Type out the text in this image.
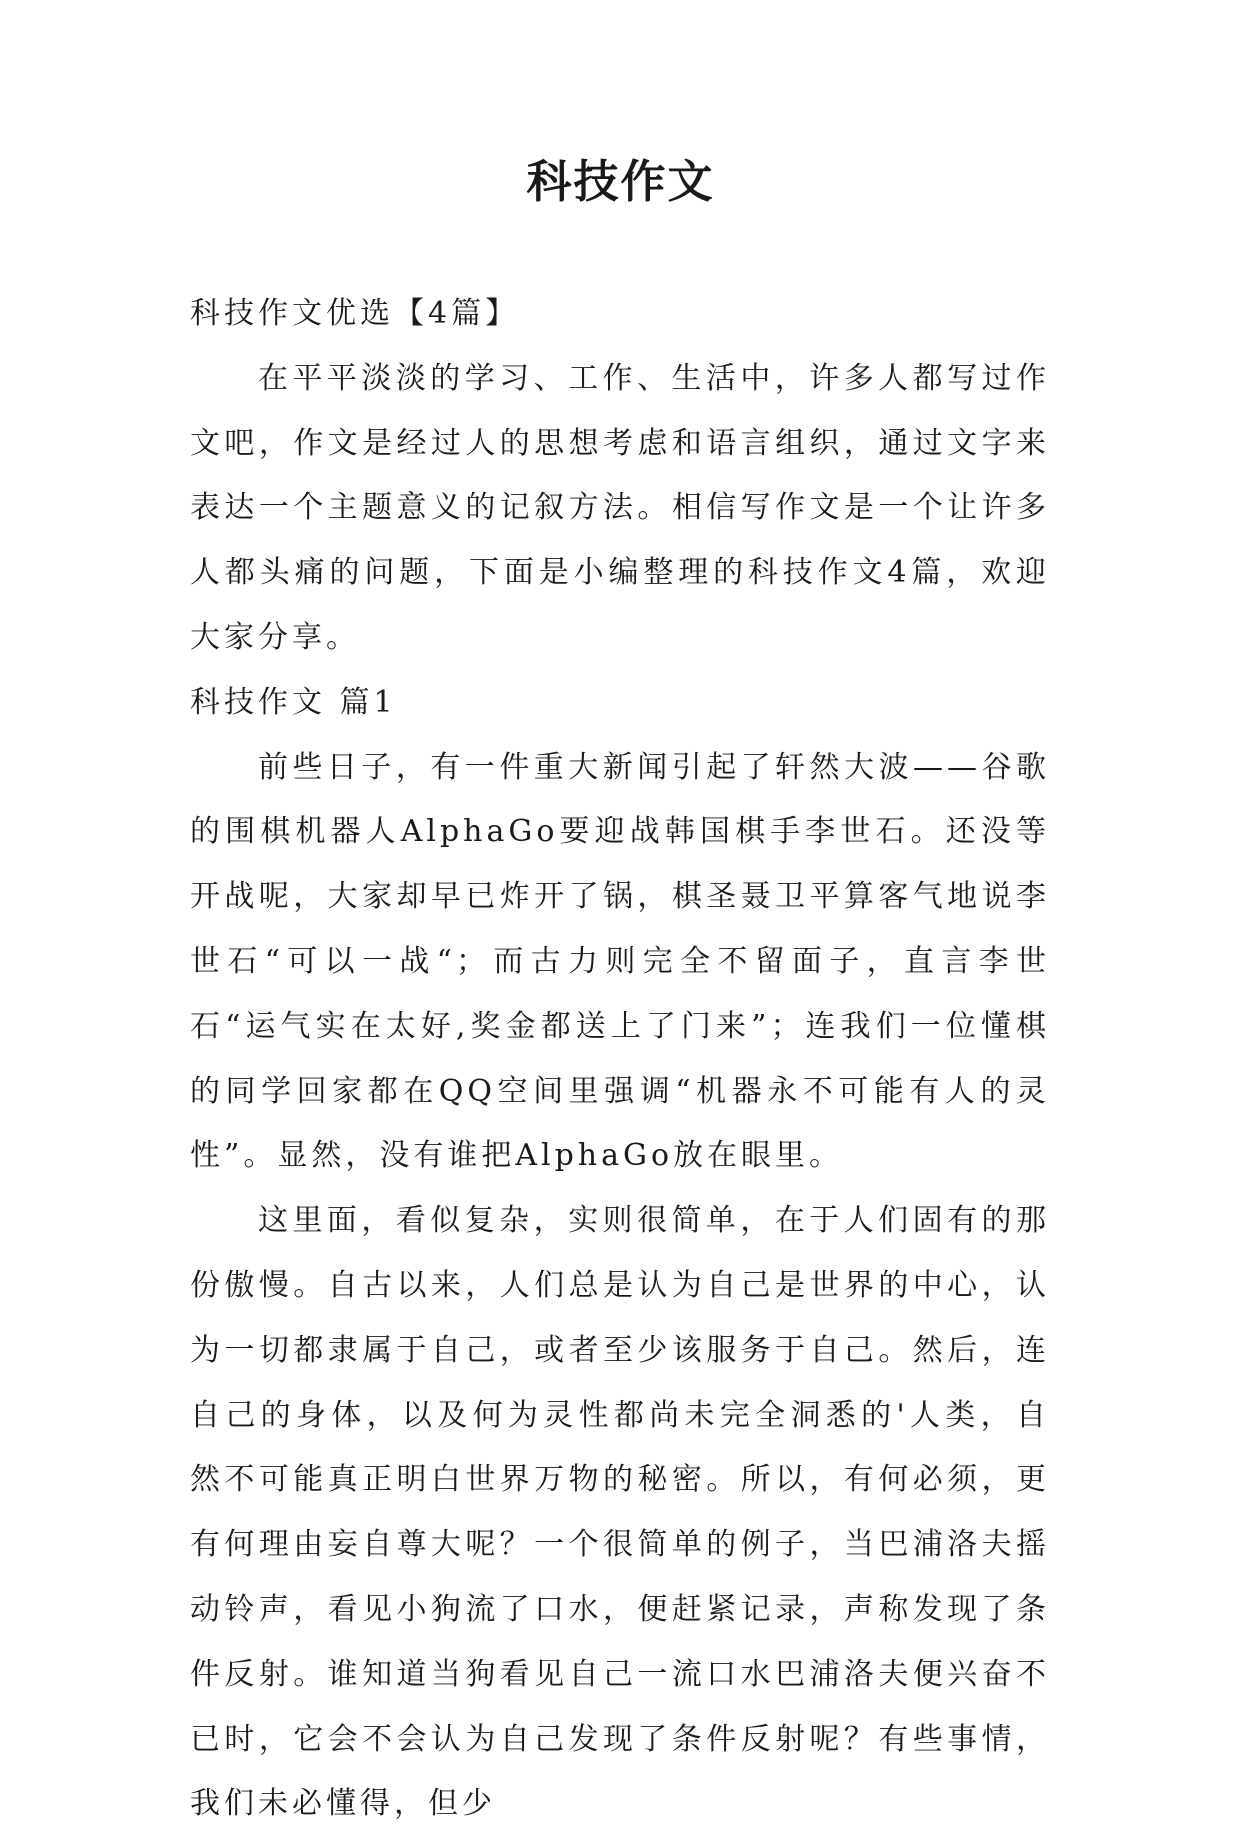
科技作文

科技作文优选【4篇】

在平平淡淡的学习、工作、生活中，许多人都写过作文吧，作文是经过人的思想考虑和语言组织，通过文字来表达一个主题意义的记叙方法。相信写作文是一个让许多人都头痛的问题，下面是小编整理的科技作文4篇，欢迎大家分享。

科技作文 篇1

前些日子，有一件重大新闻引起了轩然大波——谷歌的围棋机器人AlphaGo要迎战韩国棋手李世石。还没等开战呢，大家却早已炸开了锅，棋圣聂卫平算客气地说李世石“可以一战“；而古力则完全不留面子，直言李世石“运气实在太好,奖金都送上了门来”；连我们一位懂棋的同学回家都在QQ空间里强调“机器永不可能有人的灵性”。显然，没有谁把AlphaGo放在眼里。

这里面，看似复杂，实则很简单，在于人们固有的那份傲慢。自古以来，人们总是认为自己是世界的中心，认为一切都隶属于自己，或者至少该服务于自己。然后，连自己的身体，以及何为灵性都尚未完全洞悉的'人类，自然不可能真正明白世界万物的秘密。所以，有何必须，更有何理由妄自尊大呢？一个很简单的例子，当巴浦洛夫摇动铃声，看见小狗流了口水，便赶紧记录，声称发现了条件反射。谁知道当狗看见自己一流口水巴浦洛夫便兴奋不已时，它会不会认为自己发现了条件反射呢？有些事情，我们未必懂得，但少
